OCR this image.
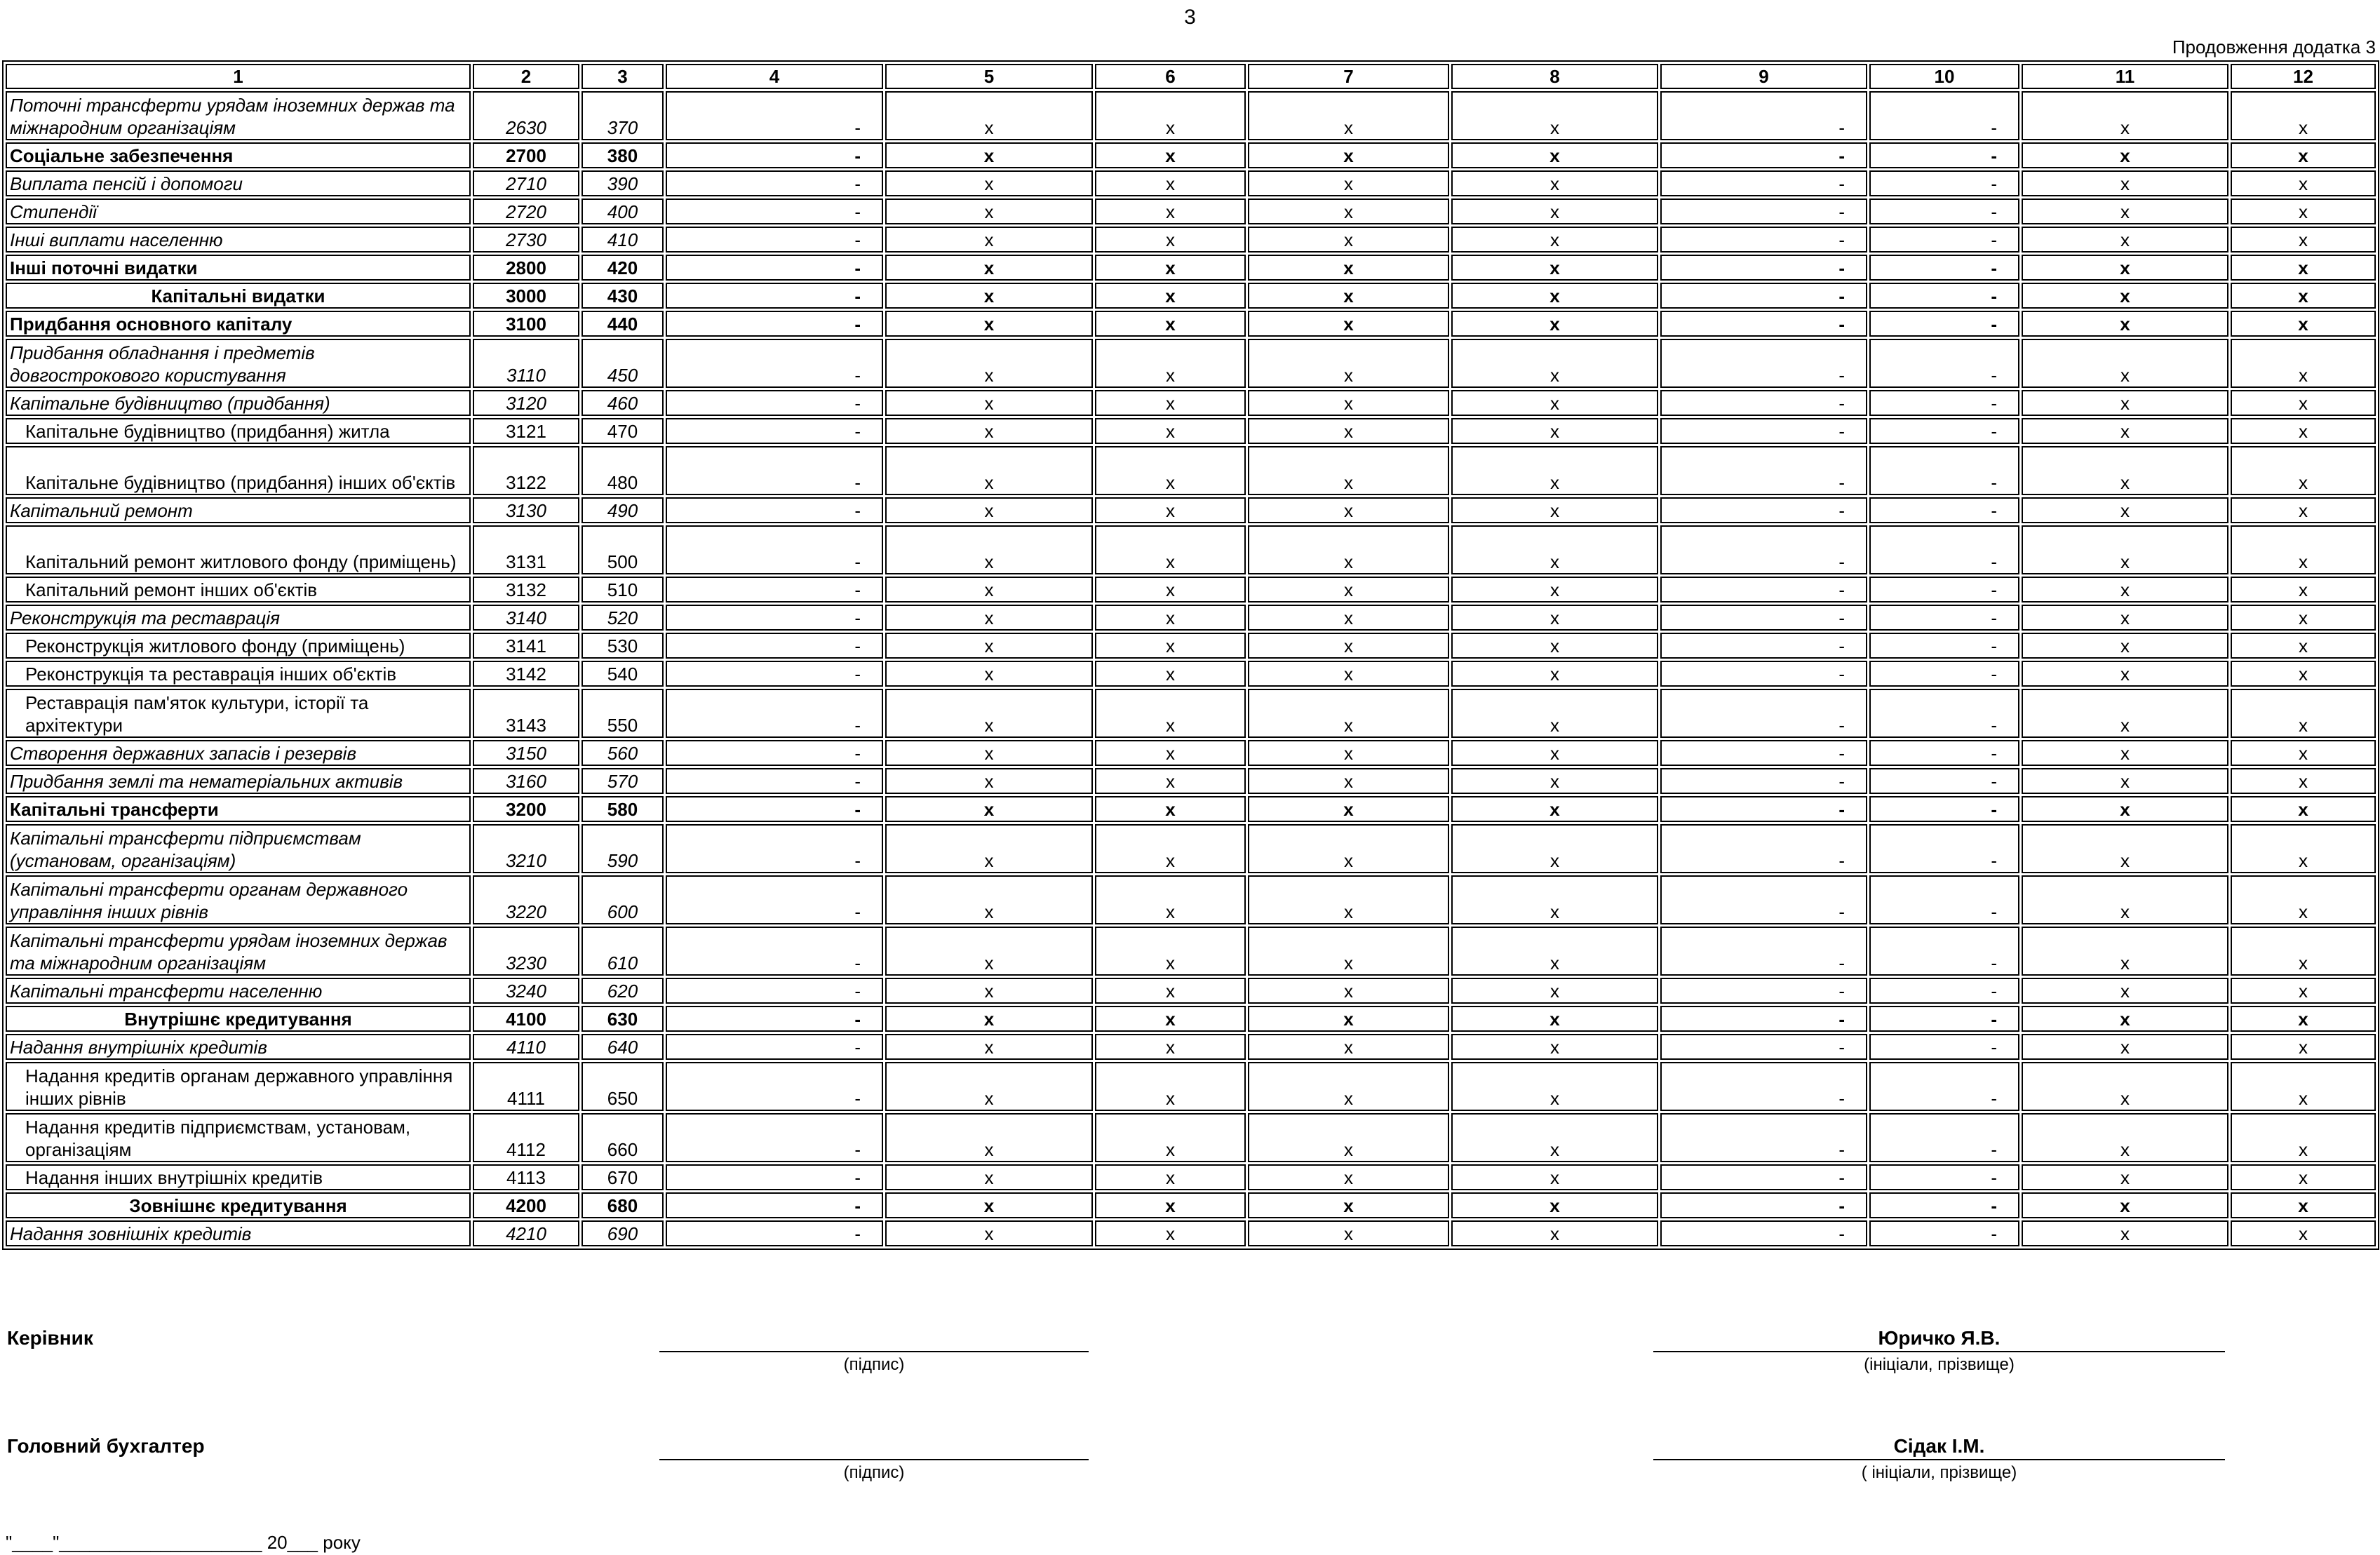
3
Продовження додатка 3
1	2	3	4	5	6	7	8	9	10	11	12
Поточні трансферти урядам іноземних держав та міжнародним організаціям	2630	370	-	x	x	x	x	-	-	x	x
Соціальне забезпечення	2700	380	-	x	x	x	x	-	-	x	x
Виплата пенсій і допомоги	2710	390	-	x	x	x	x	-	-	x	x
Стипендії	2720	400	-	x	x	x	x	-	-	x	x
Інші виплати населенню	2730	410	-	x	x	x	x	-	-	x	x
Інші поточні видатки	2800	420	-	x	x	x	x	-	-	x	x
Капітальні видатки	3000	430	-	x	x	x	x	-	-	x	x
Придбання основного капіталу	3100	440	-	x	x	x	x	-	-	x	x
Придбання обладнання і предметів довгострокового користування	3110	450	-	x	x	x	x	-	-	x	x
Капітальне будівництво (придбання)	3120	460	-	x	x	x	x	-	-	x	x
Капітальне будівництво (придбання) житла	3121	470	-	x	x	x	x	-	-	x	x
Капітальне будівництво (придбання) інших об'єктів	3122	480	-	x	x	x	x	-	-	x	x
Капітальний ремонт	3130	490	-	x	x	x	x	-	-	x	x
Капітальний ремонт житлового фонду (приміщень)	3131	500	-	x	x	x	x	-	-	x	x
Капітальний ремонт інших об'єктів	3132	510	-	x	x	x	x	-	-	x	x
Реконструкція та реставрація	3140	520	-	x	x	x	x	-	-	x	x
Реконструкція житлового фонду (приміщень)	3141	530	-	x	x	x	x	-	-	x	x
Реконструкція та реставрація інших об'єктів	3142	540	-	x	x	x	x	-	-	x	x
Реставрація пам'яток культури, історії та архітектури	3143	550	-	x	x	x	x	-	-	x	x
Створення державних запасів і резервів	3150	560	-	x	x	x	x	-	-	x	x
Придбання землі та нематеріальних активів	3160	570	-	x	x	x	x	-	-	x	x
Капітальні трансферти	3200	580	-	x	x	x	x	-	-	x	x
Капітальні трансферти підприємствам (установам, організаціям)	3210	590	-	x	x	x	x	-	-	x	x
Капітальні трансферти органам державного управління інших рівнів	3220	600	-	x	x	x	x	-	-	x	x
Капітальні трансферти урядам іноземних держав та міжнародним організаціям	3230	610	-	x	x	x	x	-	-	x	x
Капітальні трансферти населенню	3240	620	-	x	x	x	x	-	-	x	x
Внутрішнє кредитування	4100	630	-	x	x	x	x	-	-	x	x
Надання внутрішніх кредитів	4110	640	-	x	x	x	x	-	-	x	x
Надання кредитів органам державного управління інших рівнів	4111	650	-	x	x	x	x	-	-	x	x
Надання кредитів підприємствам, установам, організаціям	4112	660	-	x	x	x	x	-	-	x	x
Надання інших внутрішніх кредитів	4113	670	-	x	x	x	x	-	-	x	x
Зовнішнє кредитування	4200	680	-	x	x	x	x	-	-	x	x
Надання зовнішніх кредитів	4210	690	-	x	x	x	x	-	-	x	x
Керівник
(підпис)
Юричко Я.В.
(ініціали, прізвище)
Головний бухгалтер
(підпис)
Сідак І.М.
( ініціали, прізвище)
"____"____________________ 20___ року
